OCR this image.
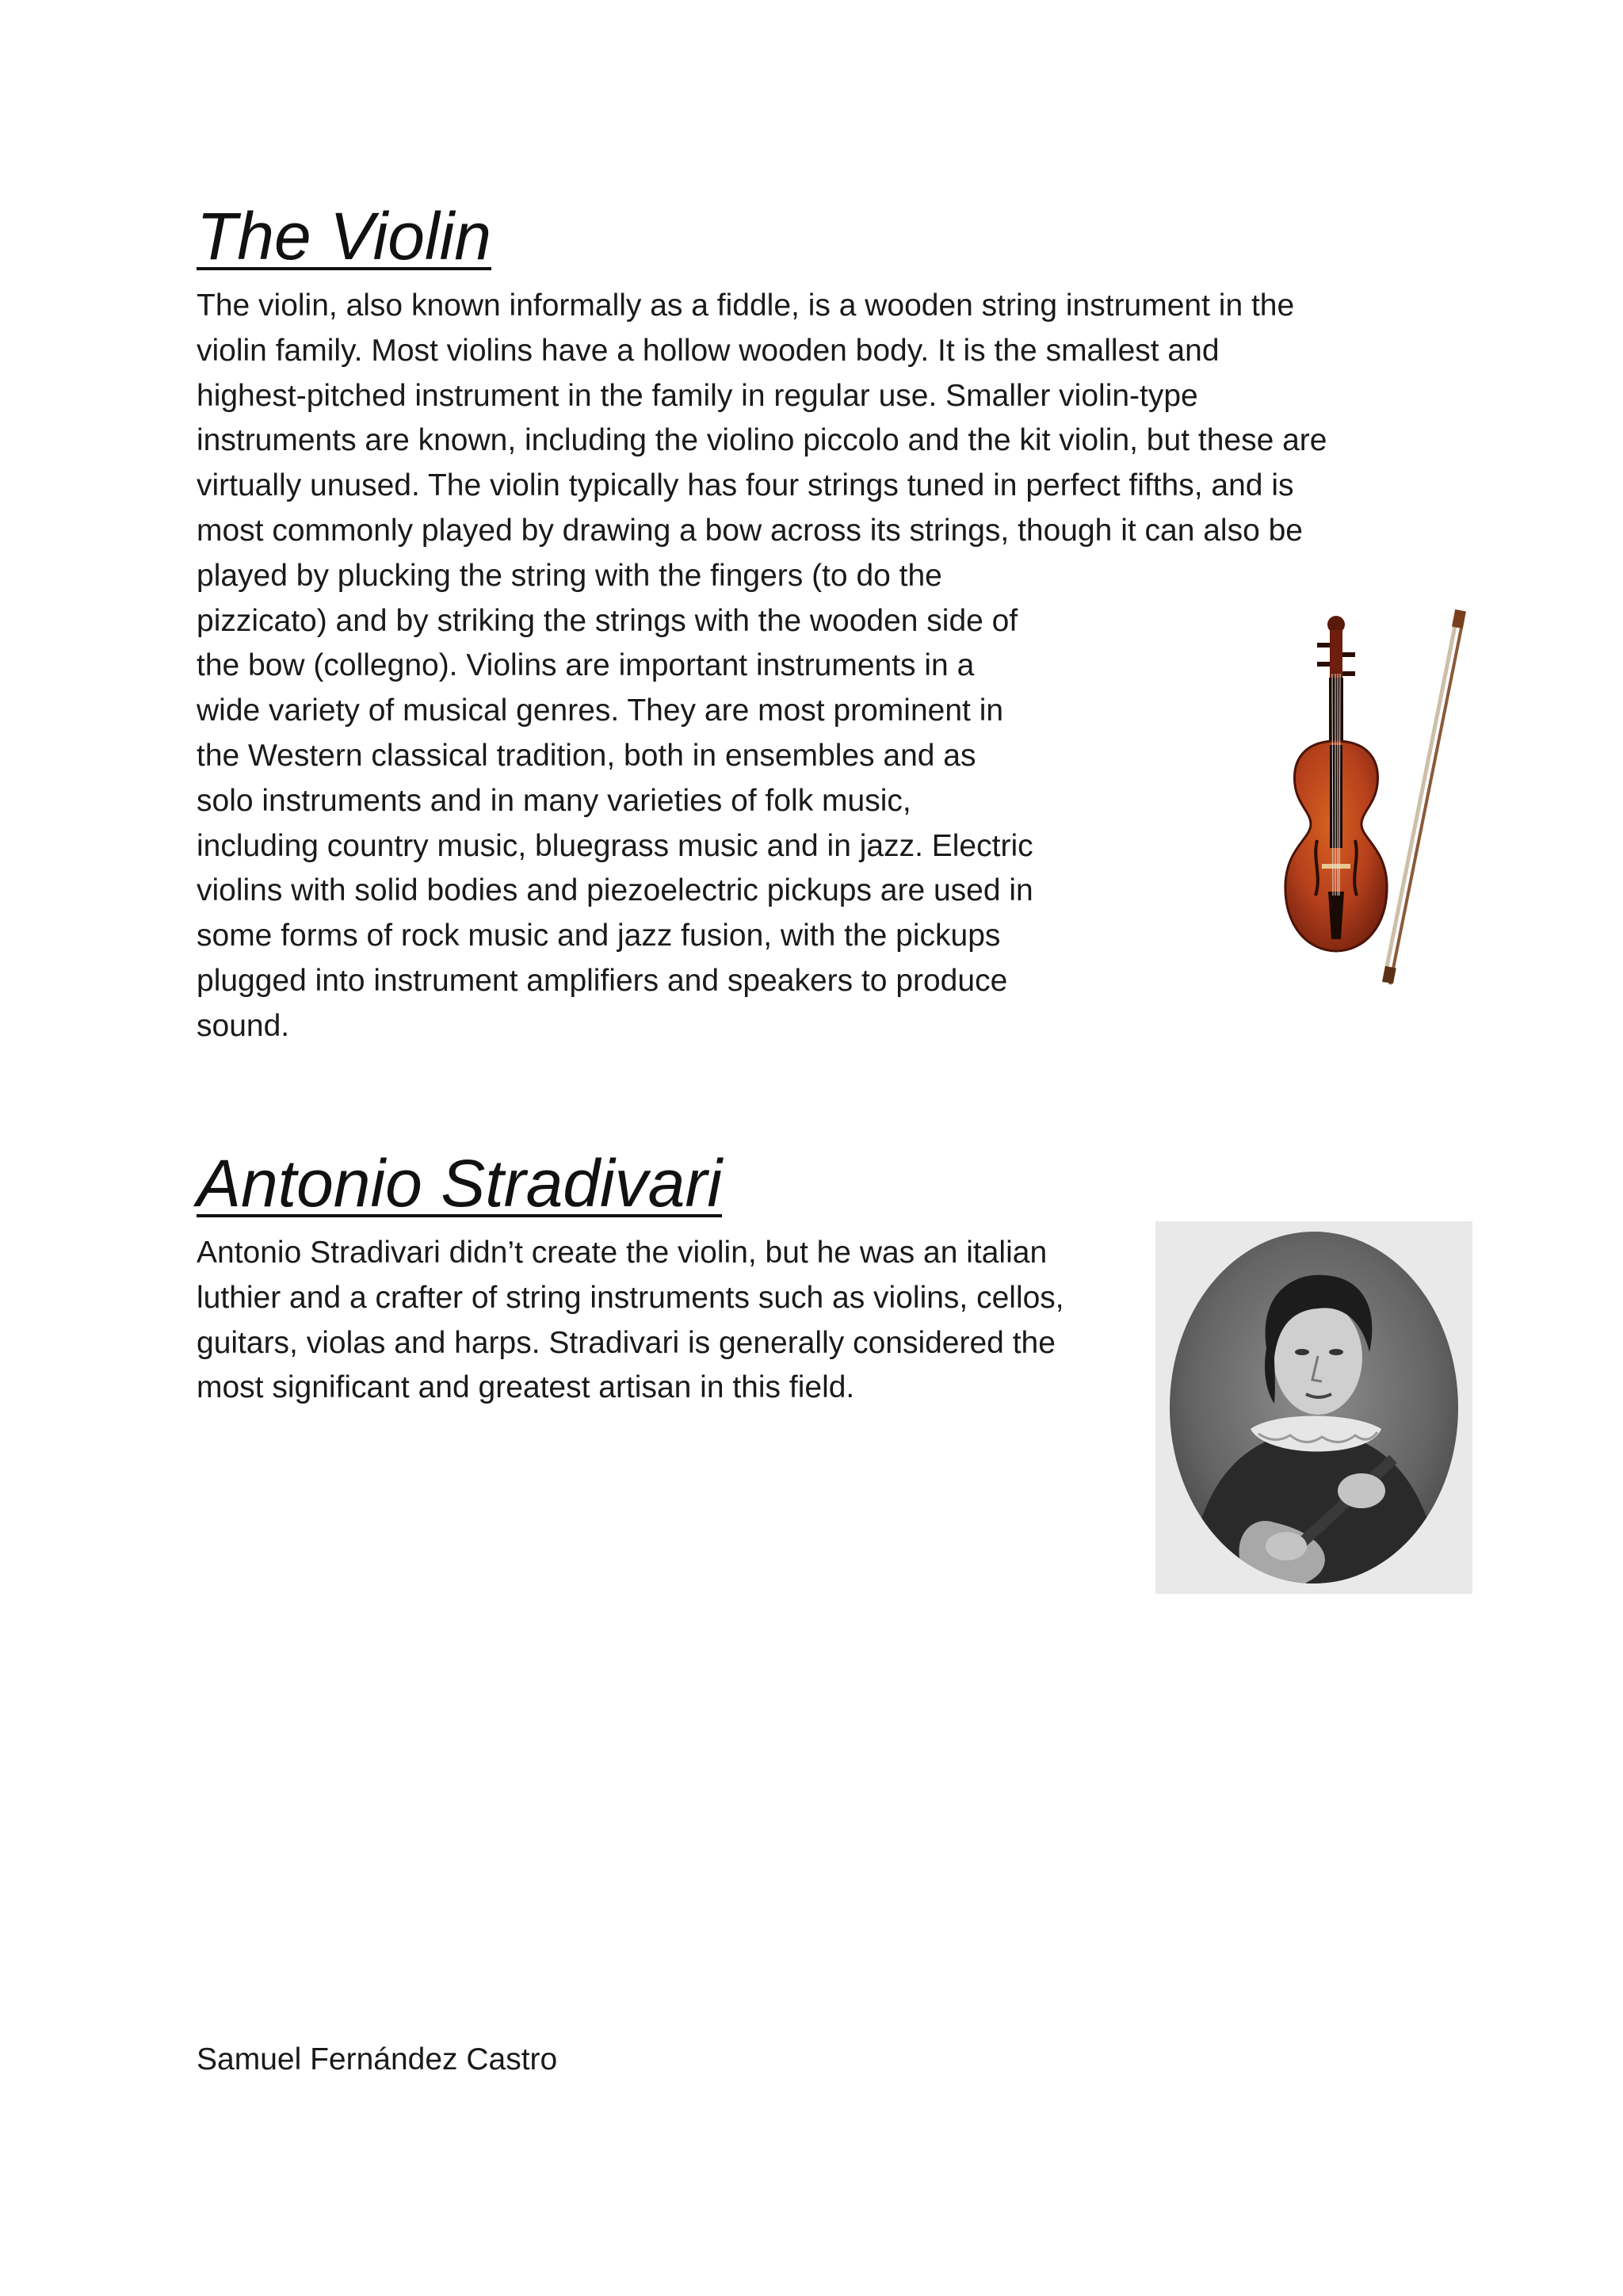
The Violin

The violin, also known informally as a fiddle, is a wooden string instrument in the
violin family. Most violins have a hollow wooden body. It is the smallest and
highest-pitched instrument in the family in regular use. Smaller violin-type
instruments are known, including the violino piccolo and the kit violin, but these are
virtually unused. The violin typically has four strings tuned in perfect fifths, and is
most commonly played by drawing a bow across its strings, though it can also be
played by plucking the string with the fingers (to do the
pizzicato) and by striking the strings with the wooden side of
the bow (collegno). Violins are important instruments in a
wide variety of musical genres. They are most prominent in
the Western classical tradition, both in ensembles and as
solo instruments and in many varieties of folk music,
including country music, bluegrass music and in jazz. Electric
violins with solid bodies and piezoelectric pickups are used in
some forms of rock music and jazz fusion, with the pickups
plugged into instrument amplifiers and speakers to produce
sound.

Antonio Stradivari

Antonio Stradivari didn’t create the violin, but he was an italian
luthier and a crafter of string instruments such as violins, cellos,
guitars, violas and harps. Stradivari is generally considered the
most significant and greatest artisan in this field.

Samuel Fernández Castro
